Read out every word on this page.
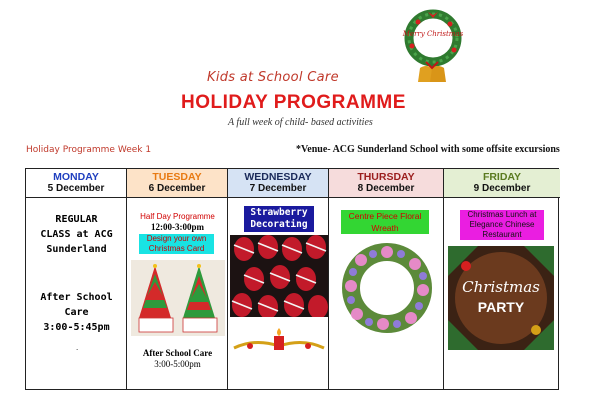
Merry Christmas
Kids at School Care
HOLIDAY PROGRAMME
A full week of child- based activities
Holiday Programme Week 1	*Venue- ACG Sunderland School with some offsite excursions
MONDAY
5 December
REGULAR
CLASS at ACG
Sunderland
After School
Care
3:00-5:45pm
.
TUESDAY
6 December
Half Day Programme
12:00-3:00pm
Design your own
Christmas Card
After School Care
3:00-5:00pm
WEDNESDAY
7 December
Strawberry
Decorating
THURSDAY
8 December
Centre Piece Floral
Wreath
FRIDAY
9 December
Christmas Lunch at
Elegance Chinese
Restaurant
Christmas
PARTY
